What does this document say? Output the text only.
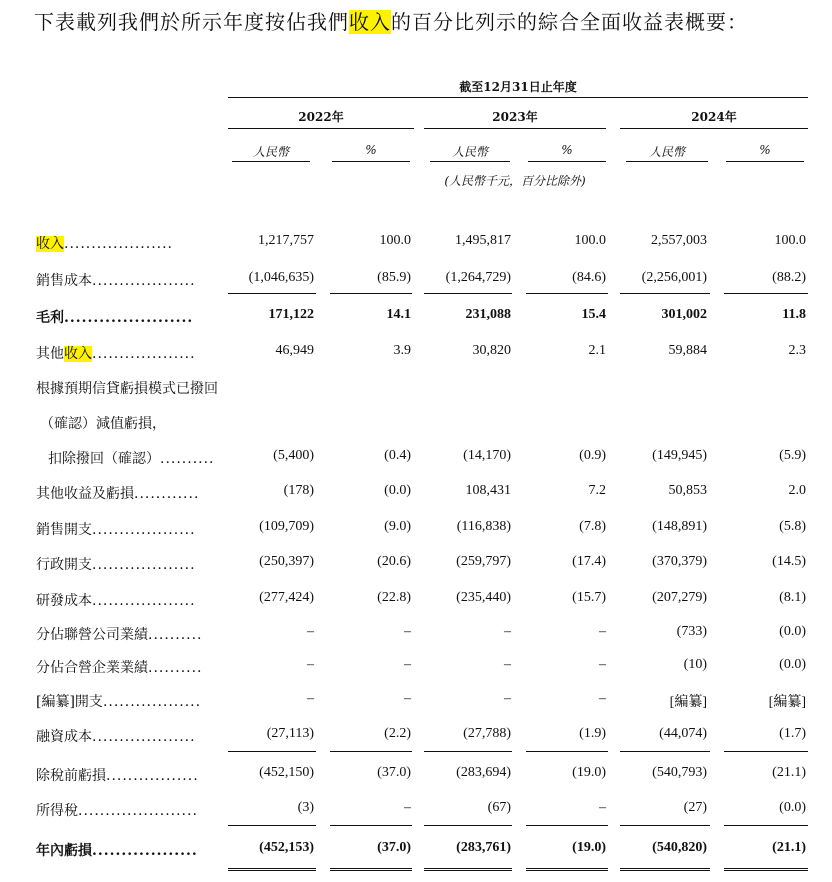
下表載列我們於所示年度按佔我們收入的百分比列示的綜合全面收益表概要：
截至12月31日止年度
2022年	2023年	2024年
人民幣	%	人民幣	%	人民幣	%
(人民幣千元，百分比除外)
收入....................	1,217,757	100.0	1,495,817	100.0	2,557,003	100.0
銷售成本...................	(1,046,635)	(85.9) (1,264,729)	(84.6)	(2,256,001)	(88.2)
毛利......................	171,122	14.1	231,088	15.4	301,002	11.8
其他收入...................	46,949	3.9	30,820	2.1	59,884	2.3
根據預期信貸虧損模式已撥回
（確認）減值虧損，
扣除撥回（確認）..........	(5,400)	(0.4)	(14,170)	(0.9)	(149,945)	(5.9)
其他收益及虧損............	(178)	(0.0)	108,431	7.2	50,853	2.0
銷售開支...................	(109,709)	(9.0)	(116,838)	(7.8)	(148,891)	(5.8)
行政開支...................	(250,397)	(20.6)	(259,797)	(17.4)	(370,379)	(14.5)
研發成本...................	(277,424)	(22.8)	(235,440)	(15.7)	(207,279)	(8.1)
分佔聯營公司業績..........	–	–	–	–	(733)	(0.0)
分佔合營企業業績..........	–	–	–	–	(10)	(0.0)
[編纂]開支..................	–	–	–	–	[編纂]	[編纂]
融資成本...................	(27,113)	(2.2)	(27,788)	(1.9)	(44,074)	(1.7)
除稅前虧損.................	(452,150)	(37.0)	(283,694)	(19.0)	(540,793)	(21.1)
所得稅......................	(3)	–	(67)	–	(27)	(0.0)
年內虧損..................	(452,153)	(37.0)	(283,761)	(19.0)	(540,820)	(21.1)
